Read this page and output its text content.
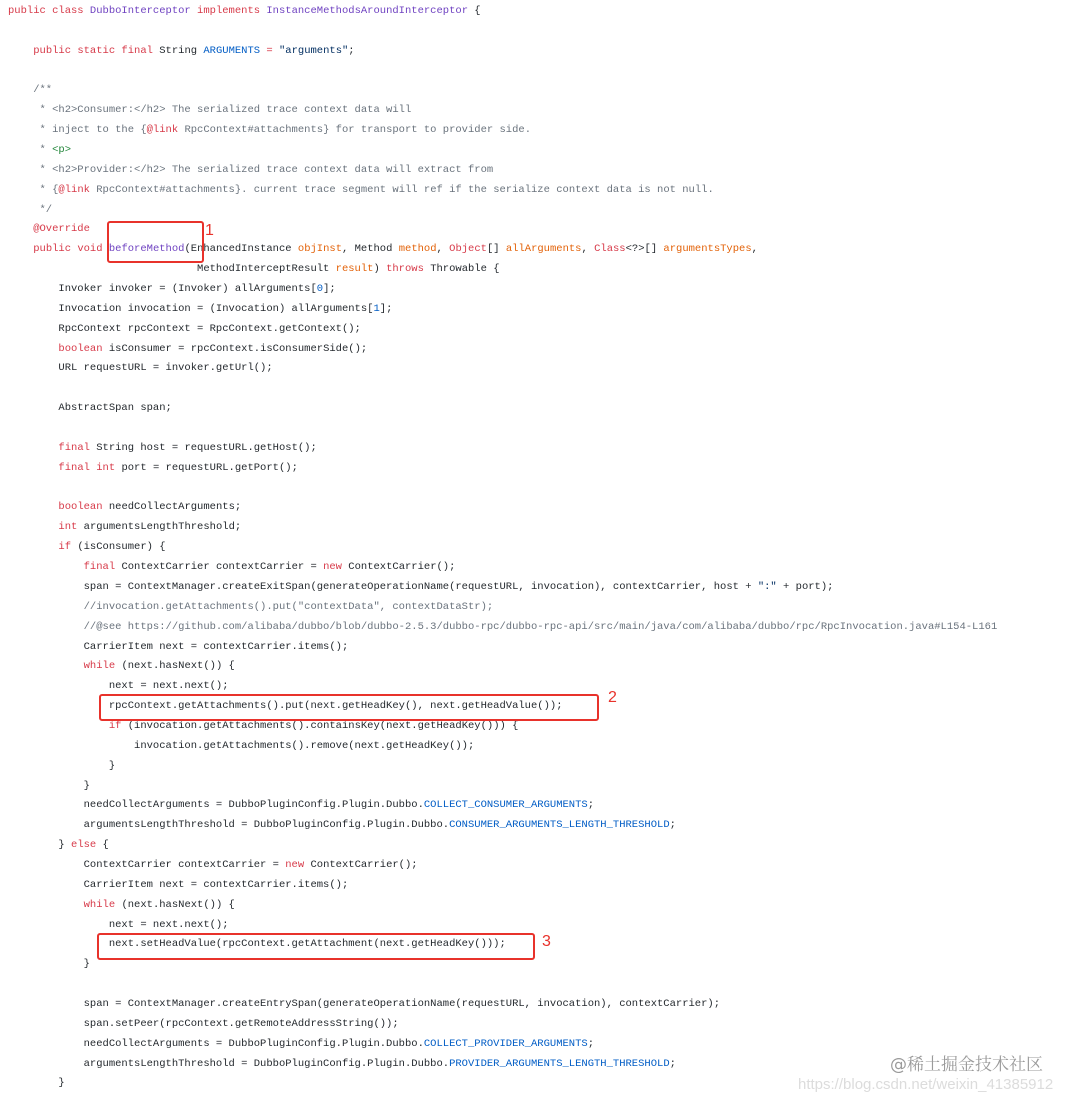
public class DubboInterceptor implements InstanceMethodsAroundInterceptor {
public static final String ARGUMENTS = "arguments";
/**
* <h2>Consumer:</h2> The serialized trace context data will
* inject to the {@link RpcContext#attachments} for transport to provider side.
* <p>
* <h2>Provider:</h2> The serialized trace context data will extract from
* {@link RpcContext#attachments}. current trace segment will ref if the serialize context data is not null.
*/
@Override
public void beforeMethod(EnhancedInstance objInst, Method method, Object[] allArguments, Class<?>[] argumentsTypes,
MethodInterceptResult result) throws Throwable {
Invoker invoker = (Invoker) allArguments[0];
Invocation invocation = (Invocation) allArguments[1];
RpcContext rpcContext = RpcContext.getContext();
boolean isConsumer = rpcContext.isConsumerSide();
URL requestURL = invoker.getUrl();
AbstractSpan span;
final String host = requestURL.getHost();
final int port = requestURL.getPort();
boolean needCollectArguments;
int argumentsLengthThreshold;
if (isConsumer) {
final ContextCarrier contextCarrier = new ContextCarrier();
span = ContextManager.createExitSpan(generateOperationName(requestURL, invocation), contextCarrier, host + ":" + port);
//invocation.getAttachments().put("contextData", contextDataStr);
//@see https://github.com/alibaba/dubbo/blob/dubbo-2.5.3/dubbo-rpc/dubbo-rpc-api/src/main/java/com/alibaba/dubbo/rpc/RpcInvocation.java#L154-L161
CarrierItem next = contextCarrier.items();
while (next.hasNext()) {
next = next.next();
rpcContext.getAttachments().put(next.getHeadKey(), next.getHeadValue());
if (invocation.getAttachments().containsKey(next.getHeadKey())) {
invocation.getAttachments().remove(next.getHeadKey());
}
}
needCollectArguments = DubboPluginConfig.Plugin.Dubbo.COLLECT_CONSUMER_ARGUMENTS;
argumentsLengthThreshold = DubboPluginConfig.Plugin.Dubbo.CONSUMER_ARGUMENTS_LENGTH_THRESHOLD;
} else {
ContextCarrier contextCarrier = new ContextCarrier();
CarrierItem next = contextCarrier.items();
while (next.hasNext()) {
next = next.next();
next.setHeadValue(rpcContext.getAttachment(next.getHeadKey()));
}
span = ContextManager.createEntrySpan(generateOperationName(requestURL, invocation), contextCarrier);
span.setPeer(rpcContext.getRemoteAddressString());
needCollectArguments = DubboPluginConfig.Plugin.Dubbo.COLLECT_PROVIDER_ARGUMENTS;
argumentsLengthThreshold = DubboPluginConfig.Plugin.Dubbo.PROVIDER_ARGUMENTS_LENGTH_THRESHOLD;
}
1
2
3
@稀土掘金技术社区
https://blog.csdn.net/weixin_41385912
